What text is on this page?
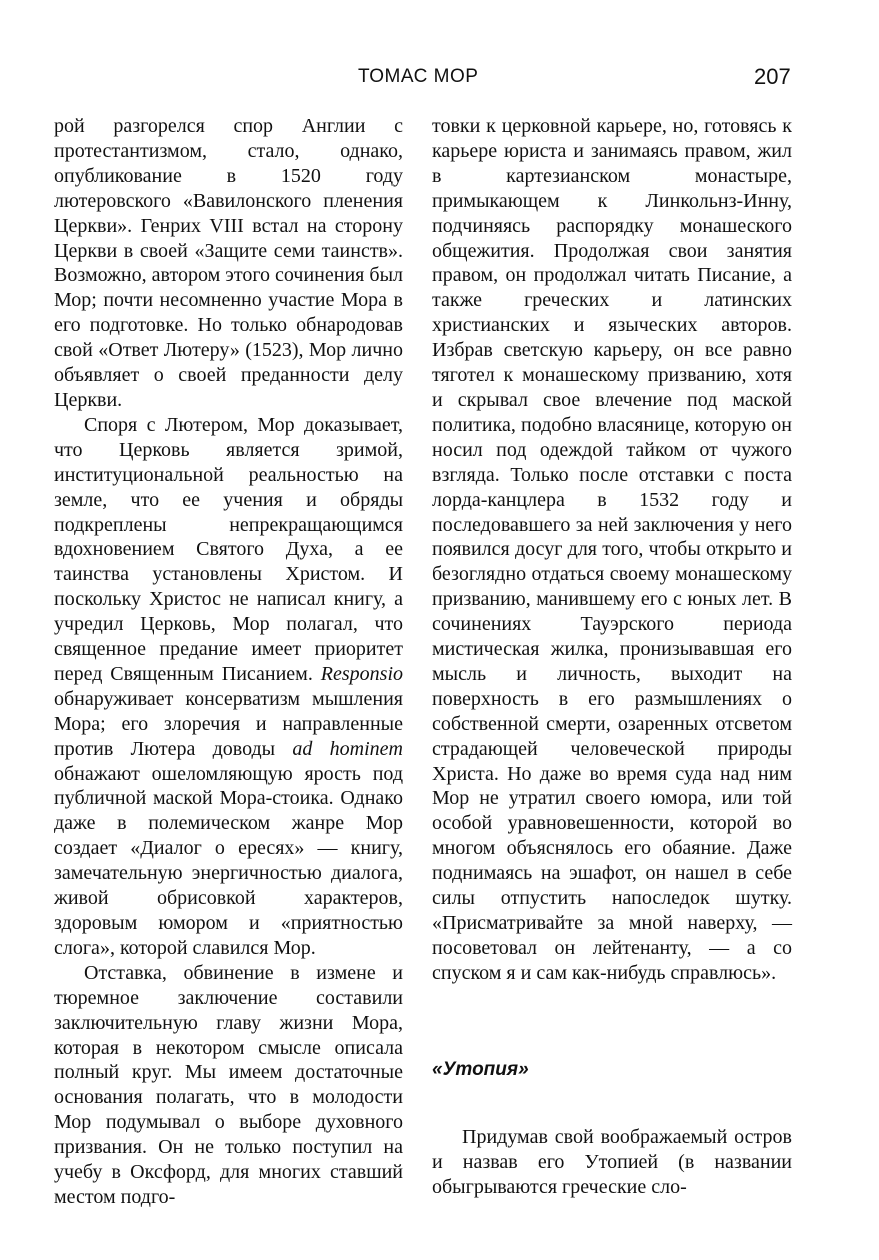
ТОМАС МОР	207

рой разгорелся спор Англии с протестантизмом, стало, однако, опубликование в 1520 году лютеровского «Вавилонского пленения Церкви». Генрих VIII встал на сторону Церкви в своей «Защите семи таинств». Возможно, автором этого сочинения был Мор; почти несомненно участие Мора в его подготовке. Но только обнародовав свой «Ответ Лютеру» (1523), Мор лично объявляет о своей преданности делу Церкви.

Споря с Лютером, Мор доказывает, что Церковь является зримой, институциональной реальностью на земле, что ее учения и обряды подкреплены непрекращающимся вдохновением Святого Духа, а ее таинства установлены Христом. И поскольку Христос не написал книгу, а учредил Церковь, Мор полагал, что священное предание имеет приоритет перед Священным Писанием. Responsio обнаруживает консерватизм мышления Мора; его злоречия и направленные против Лютера доводы ad hominem обнажают ошеломляющую ярость под публичной маской Мора-стоика. Однако даже в полемическом жанре Мор создает «Диалог о ересях» — книгу, замечательную энергичностью диалога, живой обрисовкой характеров, здоровым юмором и «приятностью слога», которой славился Мор.

Отставка, обвинение в измене и тюремное заключение составили заключительную главу жизни Мора, которая в некотором смысле описала полный круг. Мы имеем достаточные основания полагать, что в молодости Мор подумывал о выборе духовного призвания. Он не только поступил на учебу в Оксфорд, для многих ставший местом подго-

товки к церковной карьере, но, готовясь к карьере юриста и занимаясь правом, жил в картезианском монастыре, примыкающем к Линкольнз-Инну, подчиняясь распорядку монашеского общежития. Продолжая свои занятия правом, он продолжал читать Писание, а также греческих и латинских христианских и языческих авторов. Избрав светскую карьеру, он все равно тяготел к монашескому призванию, хотя и скрывал свое влечение под маской политика, подобно власянице, которую он носил под одеждой тайком от чужого взгляда. Только после отставки с поста лорда-канцлера в 1532 году и последовавшего за ней заключения у него появился досуг для того, чтобы открыто и безоглядно отдаться своему монашескому призванию, манившему его с юных лет. В сочинениях Тауэрского периода мистическая жилка, пронизывавшая его мысль и личность, выходит на поверхность в его размышлениях о собственной смерти, озаренных отсветом страдающей человеческой природы Христа. Но даже во время суда над ним Мор не утратил своего юмора, или той особой уравновешенности, которой во многом объяснялось его обаяние. Даже поднимаясь на эшафот, он нашел в себе силы отпустить напоследок шутку. «Присматривайте за мной наверху, — посоветовал он лейтенанту, — а со спуском я и сам как-нибудь справлюсь».

«Утопия»

Придумав свой воображаемый остров и назвав его Утопией (в названии обыгрываются греческие сло-
